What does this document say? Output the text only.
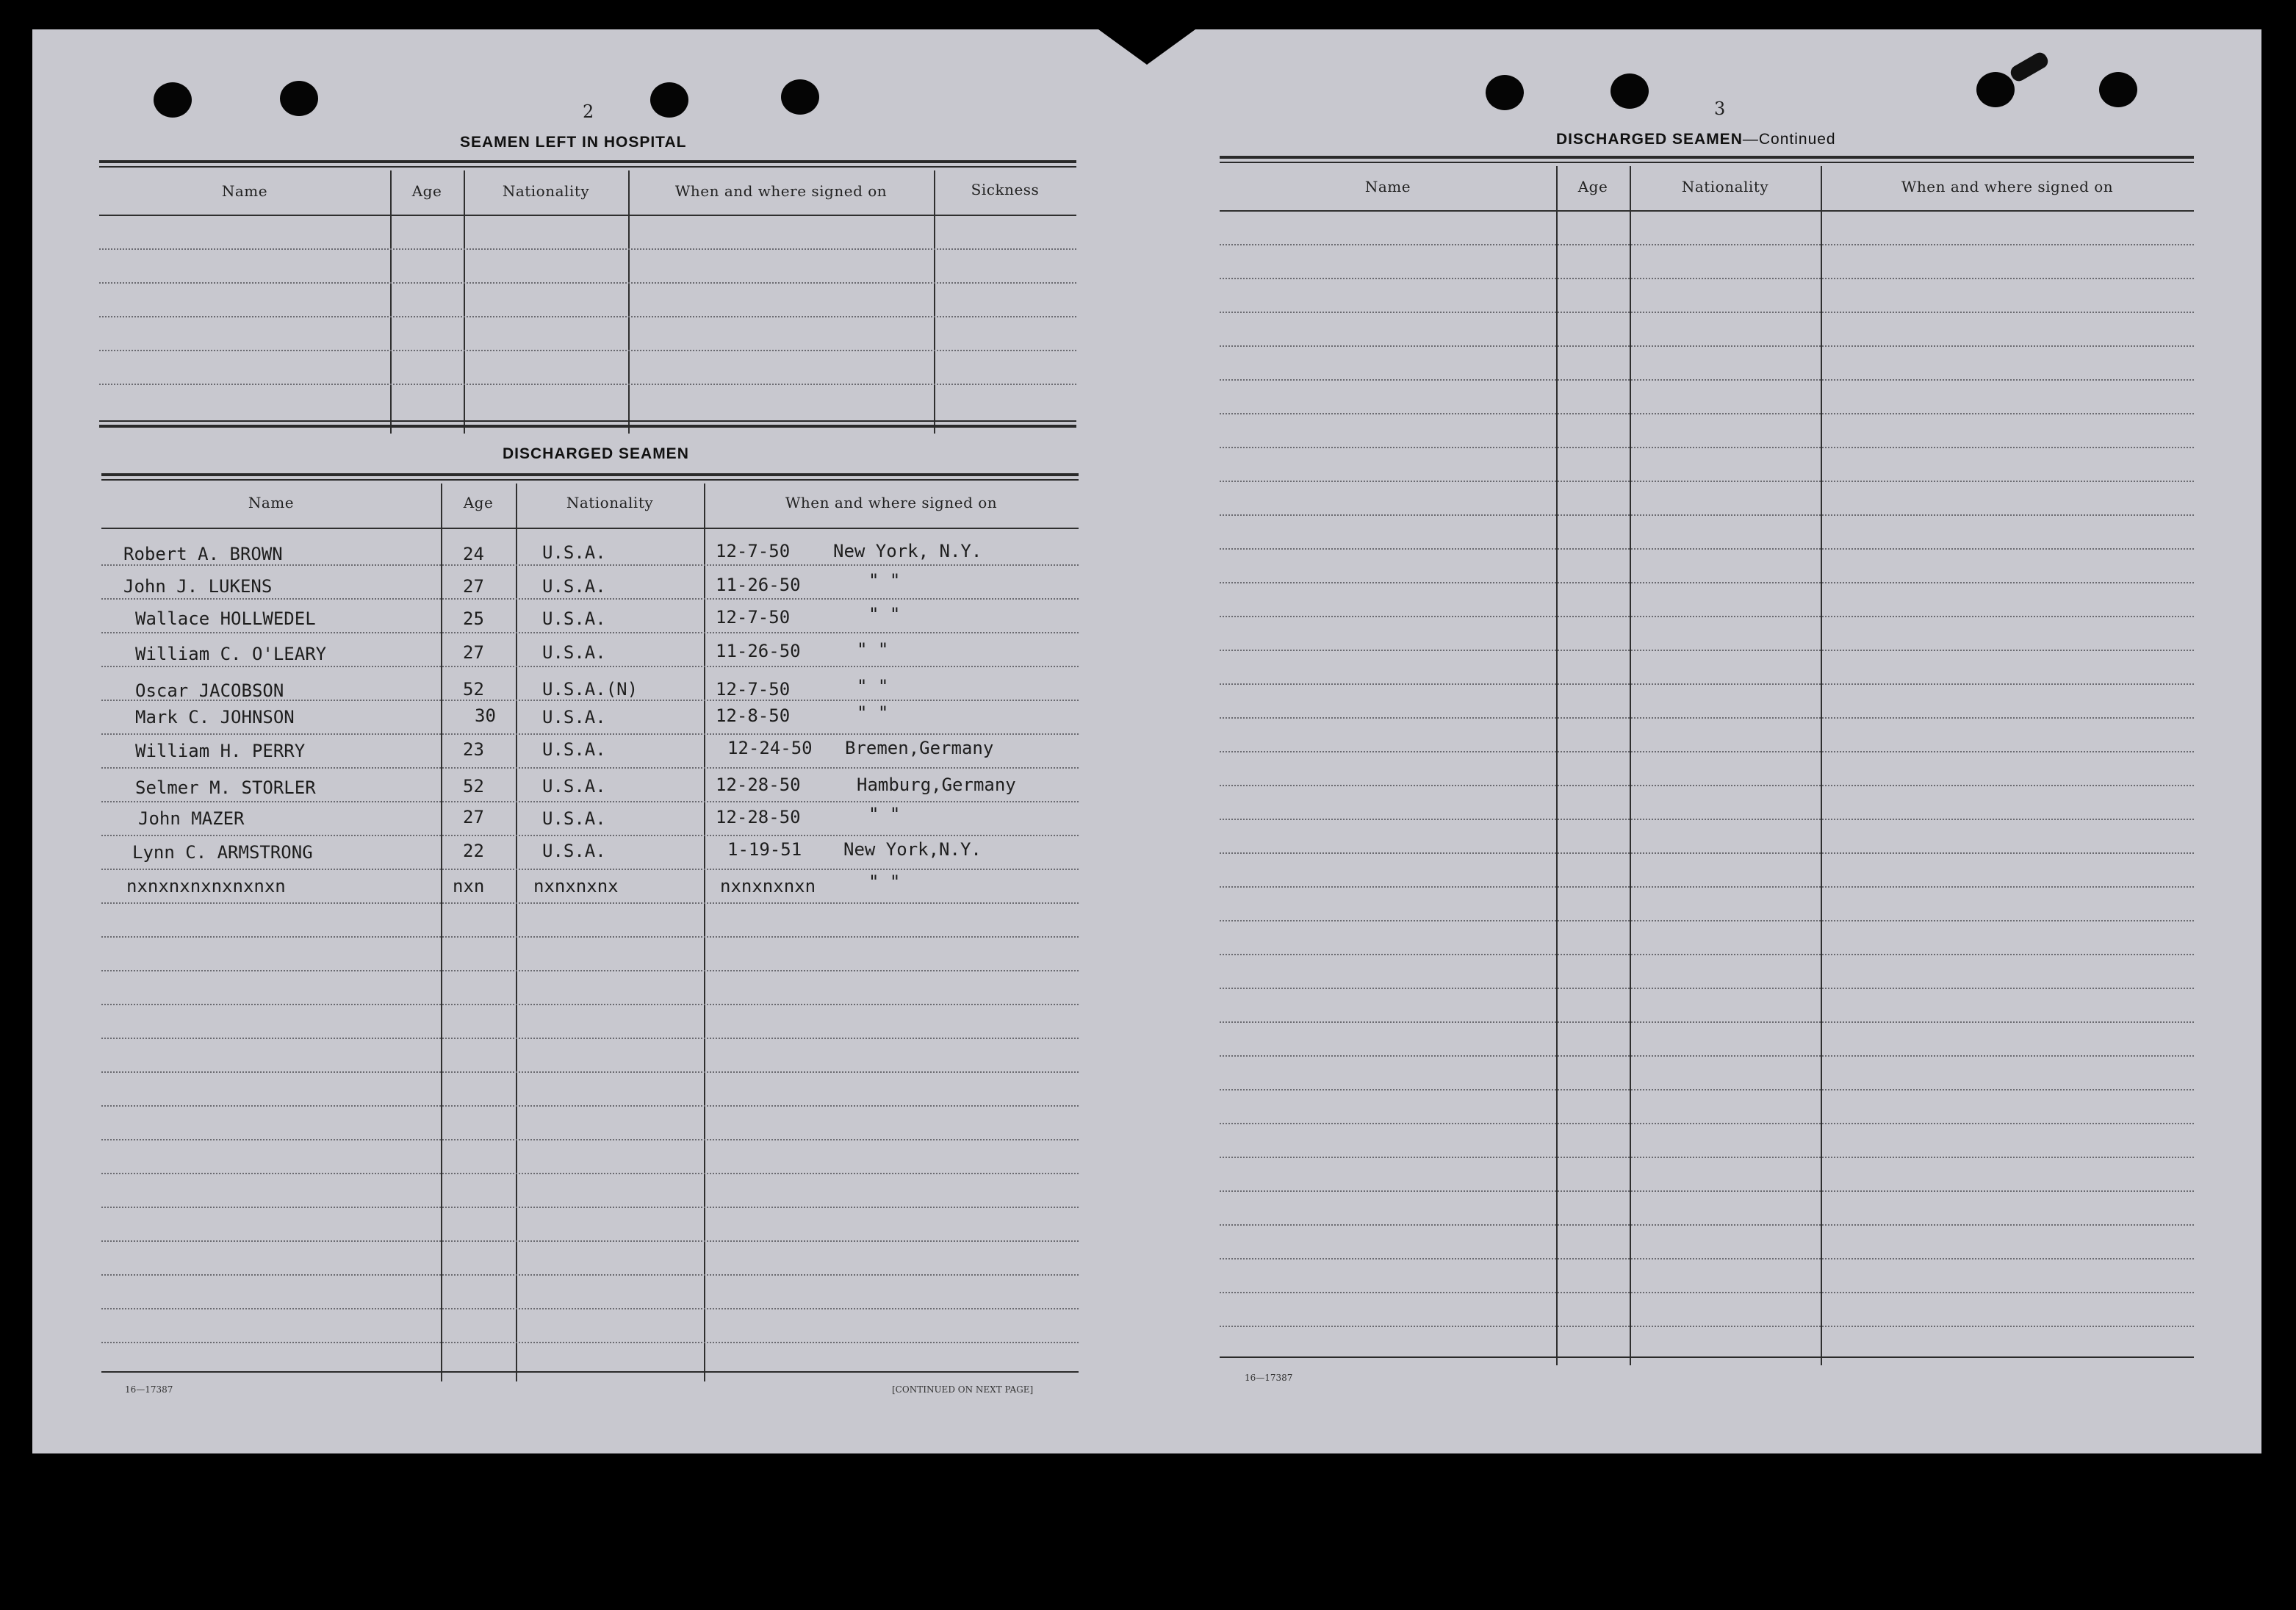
2
SEAMEN LEFT IN HOSPITAL
Name	Age	Nationality	When and where signed on	Sickness
DISCHARGED SEAMEN
Name	Age	Nationality	When and where signed on
Robert A. BROWN	24	U.S.A.	12-7-50 New York, N.Y.
John J. LUKENS	27	U.S.A.	11-26-50	" "
Wallace HOLLWEDEL	25	U.S.A.	12-7-50	" "
William C. O'LEARY	27	U.S.A.	11-26-50	" "
Oscar JACOBSON	52	U.S.A.(N)	12-7-50	" "
Mark C. JOHNSON	30	U.S.A.	12-8-50	" "
William H. PERRY	23	U.S.A.	12-24-50 Bremen,Germany
Selmer M. STORLER	52	U.S.A.	12-28-50	Hamburg,Germany
John MAZER	27	U.S.A.	12-28-50	" "
Lynn C. ARMSTRONG	22	U.S.A.	1-19-51 New York,N.Y.
nxnxnxnxnxnxnxn	nxn	nxnxnxnx	nxnxnxnxn	" "
16—17387	[CONTINUED ON NEXT PAGE]
3
DISCHARGED SEAMEN—Continued
Name	Age	Nationality	When and where signed on
16—17387
